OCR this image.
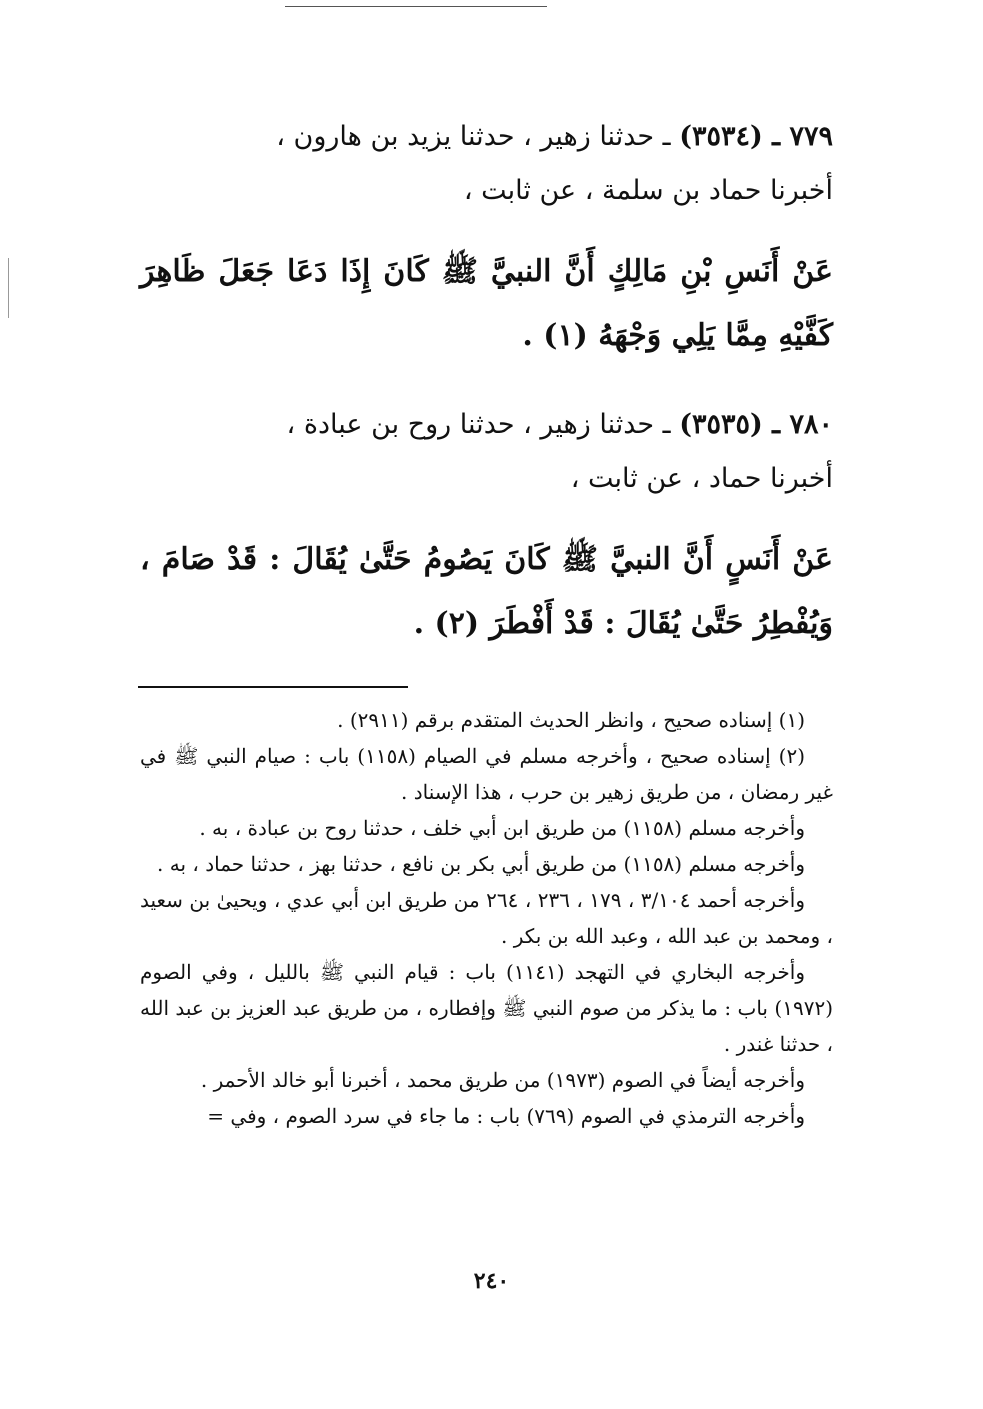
٧٧٩ ـ (٣٥٣٤) ـ حدثنا زهير ، حدثنا يزيد بن هارون ،
أخبرنا حماد بن سلمة ، عن ثابت ،
عَنْ أَنَسِ بْنِ مَالِكٍ أَنَّ النبيَّ ﷺ كَانَ إِذَا دَعَا جَعَلَ ظَاهِرَ كَفَّيْهِ مِمَّا يَلِي وَجْهَهُ (١) .
٧٨٠ ـ (٣٥٣٥) ـ حدثنا زهير ، حدثنا روح بن عبادة ،
أخبرنا حماد ، عن ثابت ،
عَنْ أَنَسٍ أَنَّ النبيَّ ﷺ كَانَ يَصُومُ حَتَّىٰ يُقَالَ : قَدْ صَامَ ، وَيُفْطِرُ حَتَّىٰ يُقَالَ : قَدْ أَفْطَرَ (٢) .

(١) إسناده صحيح ، وانظر الحديث المتقدم برقم (٢٩١١) .

(٢) إسناده صحيح ، وأخرجه مسلم في الصيام (١١٥٨) باب : صيام النبي ﷺ في غير رمضان ، من طريق زهير بن حرب ، هذا الإسناد .

وأخرجه مسلم (١١٥٨) من طريق ابن أبي خلف ، حدثنا روح بن عبادة ، به .

وأخرجه مسلم (١١٥٨) من طريق أبي بكر بن نافع ، حدثنا بهز ، حدثنا حماد ، به .

وأخرجه أحمد ٣/١٠٤ ، ١٧٩ ، ٢٣٦ ، ٢٦٤ من طريق ابن أبي عدي ، ويحيىٰ بن سعيد ، ومحمد بن عبد الله ، وعبد الله بن بكر .

وأخرجه البخاري في التهجد (١١٤١) باب : قيام النبي ﷺ بالليل ، وفي الصوم (١٩٧٢) باب : ما يذكر من صوم النبي ﷺ وإفطاره ، من طريق عبد العزيز بن عبد الله ، حدثنا غندر .

وأخرجه أيضاً في الصوم (١٩٧٣) من طريق محمد ، أخبرنا أبو خالد الأحمر .

وأخرجه الترمذي في الصوم (٧٦٩) باب : ما جاء في سرد الصوم ، وفي =

٢٤٠
